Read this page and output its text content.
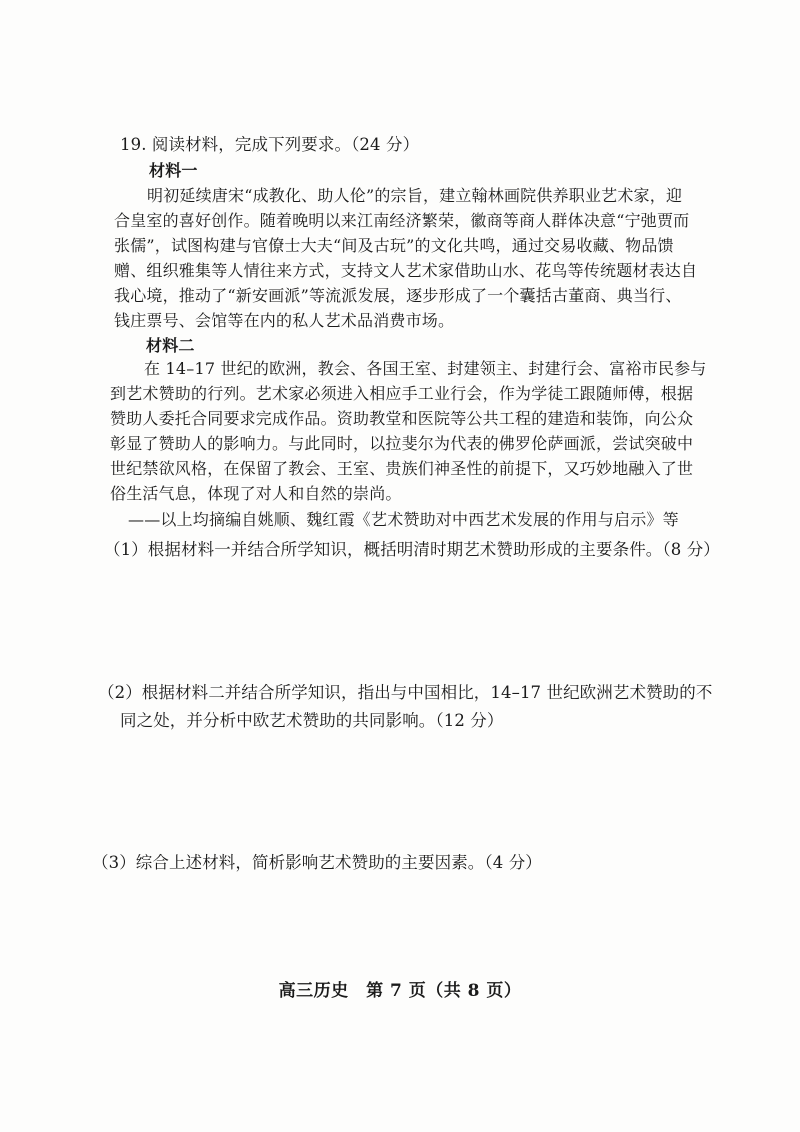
19. 阅读材料，完成下列要求。（24 分）
材料一
明初延续唐宋“成教化、助人伦”的宗旨，建立翰林画院供养职业艺术家，迎
合皇室的喜好创作。随着晚明以来江南经济繁荣，徽商等商人群体决意“宁弛贾而
张儒”，试图构建与官僚士大夫“间及古玩”的文化共鸣，通过交易收藏、物品馈
赠、组织雅集等人情往来方式，支持文人艺术家借助山水、花鸟等传统题材表达自
我心境，推动了“新安画派”等流派发展，逐步形成了一个囊括古董商、典当行、
钱庄票号、会馆等在内的私人艺术品消费市场。
材料二
在 14–17 世纪的欧洲，教会、各国王室、封建领主、封建行会、富裕市民参与
到艺术赞助的行列。艺术家必须进入相应手工业行会，作为学徒工跟随师傅，根据
赞助人委托合同要求完成作品。资助教堂和医院等公共工程的建造和装饰，向公众
彰显了赞助人的影响力。与此同时，以拉斐尔为代表的佛罗伦萨画派，尝试突破中
世纪禁欲风格，在保留了教会、王室、贵族们神圣性的前提下，又巧妙地融入了世
俗生活气息，体现了对人和自然的崇尚。
——以上均摘编自姚顺、魏红霞《艺术赞助对中西艺术发展的作用与启示》等
（1）根据材料一并结合所学知识，概括明清时期艺术赞助形成的主要条件。（8 分）
（2）根据材料二并结合所学知识，指出与中国相比，14–17 世纪欧洲艺术赞助的不
同之处，并分析中欧艺术赞助的共同影响。（12 分）
（3）综合上述材料，简析影响艺术赞助的主要因素。（4 分）
高三历史　第 7 页（共 8 页）
